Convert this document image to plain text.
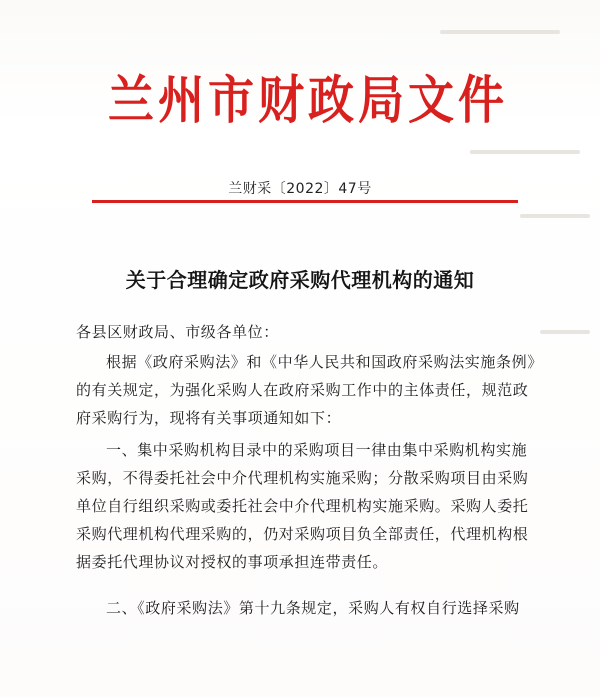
兰州市财政局文件
兰财采〔2022〕47号
关于合理确定政府采购代理机构的通知
各县区财政局、市级各单位：
根据《政府采购法》和《中华人民共和国政府采购法实施条例》的有关规定，为强化采购人在政府采购工作中的主体责任，规范政府采购行为，现将有关事项通知如下：
一、集中采购机构目录中的采购项目一律由集中采购机构实施采购，不得委托社会中介代理机构实施采购；分散采购项目由采购单位自行组织采购或委托社会中介代理机构实施采购。采购人委托采购代理机构代理采购的，仍对采购项目负全部责任，代理机构根据委托代理协议对授权的事项承担连带责任。
二、《政府采购法》第十九条规定，采购人有权自行选择采购
